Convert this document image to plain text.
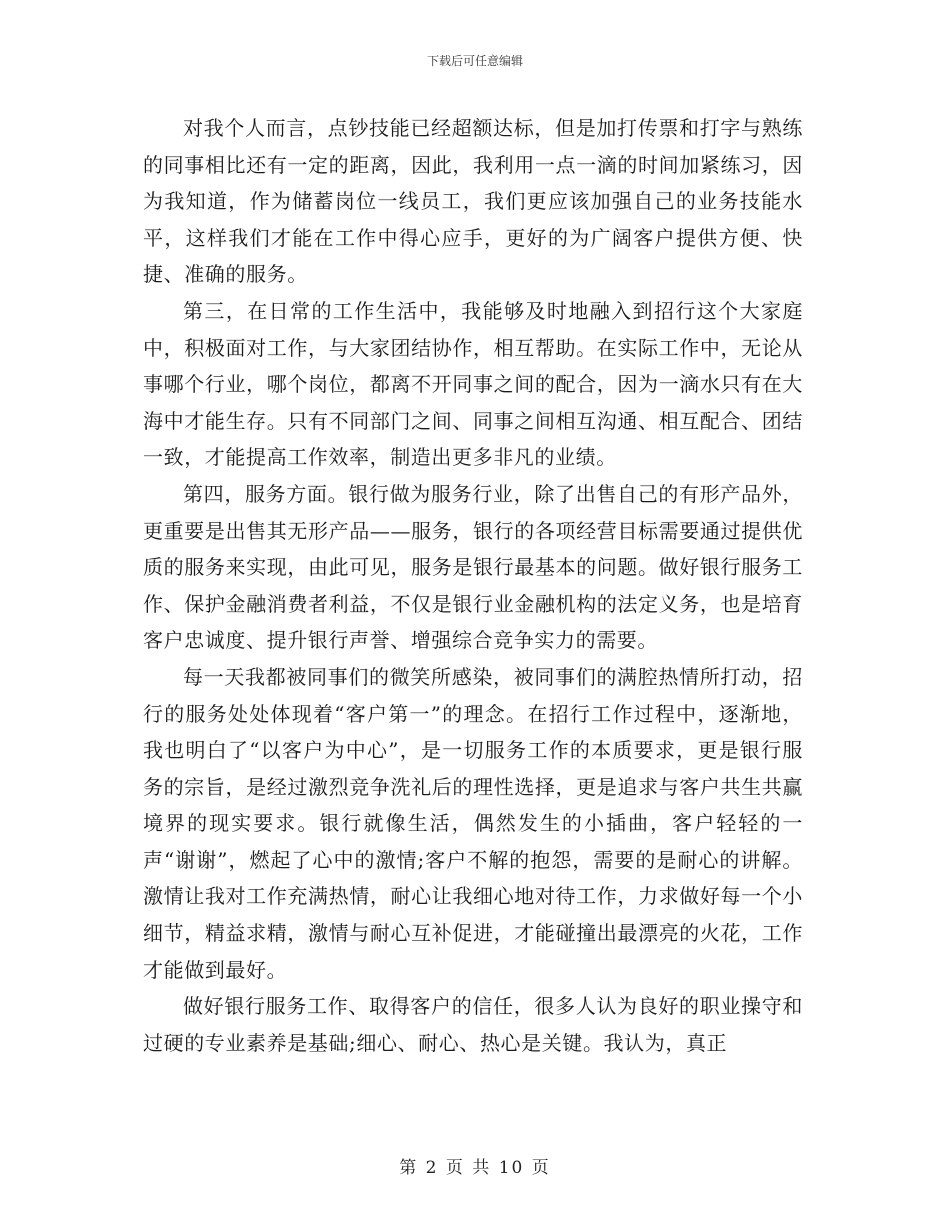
下载后可任意编辑

对我个人而言，点钞技能已经超额达标，但是加打传票和打字与熟练的同事相比还有一定的距离，因此，我利用一点一滴的时间加紧练习，因为我知道，作为储蓄岗位一线员工，我们更应该加强自己的业务技能水平，这样我们才能在工作中得心应手，更好的为广阔客户提供方便、快捷、准确的服务。

第三，在日常的工作生活中，我能够及时地融入到招行这个大家庭中，积极面对工作，与大家团结协作，相互帮助。在实际工作中，无论从事哪个行业，哪个岗位，都离不开同事之间的配合，因为一滴水只有在大海中才能生存。只有不同部门之间、同事之间相互沟通、相互配合、团结一致，才能提高工作效率，制造出更多非凡的业绩。

第四，服务方面。银行做为服务行业，除了出售自己的有形产品外，更重要是出售其无形产品——服务，银行的各项经营目标需要通过提供优质的服务来实现，由此可见，服务是银行最基本的问题。做好银行服务工作、保护金融消费者利益，不仅是银行业金融机构的法定义务，也是培育客户忠诚度、提升银行声誉、增强综合竞争实力的需要。

每一天我都被同事们的微笑所感染，被同事们的满腔热情所打动，招行的服务处处体现着“客户第一”的理念。在招行工作过程中，逐渐地，我也明白了“以客户为中心”，是一切服务工作的本质要求，更是银行服务的宗旨，是经过激烈竞争洗礼后的理性选择，更是追求与客户共生共赢境界的现实要求。银行就像生活，偶然发生的小插曲，客户轻轻的一声“谢谢”，燃起了心中的激情;客户不解的抱怨，需要的是耐心的讲解。激情让我对工作充满热情，耐心让我细心地对待工作，力求做好每一个小细节，精益求精，激情与耐心互补促进，才能碰撞出最漂亮的火花，工作才能做到最好。

做好银行服务工作、取得客户的信任，很多人认为良好的职业操守和过硬的专业素养是基础;细心、耐心、热心是关键。我认为，真正

第 2 页 共 10 页
